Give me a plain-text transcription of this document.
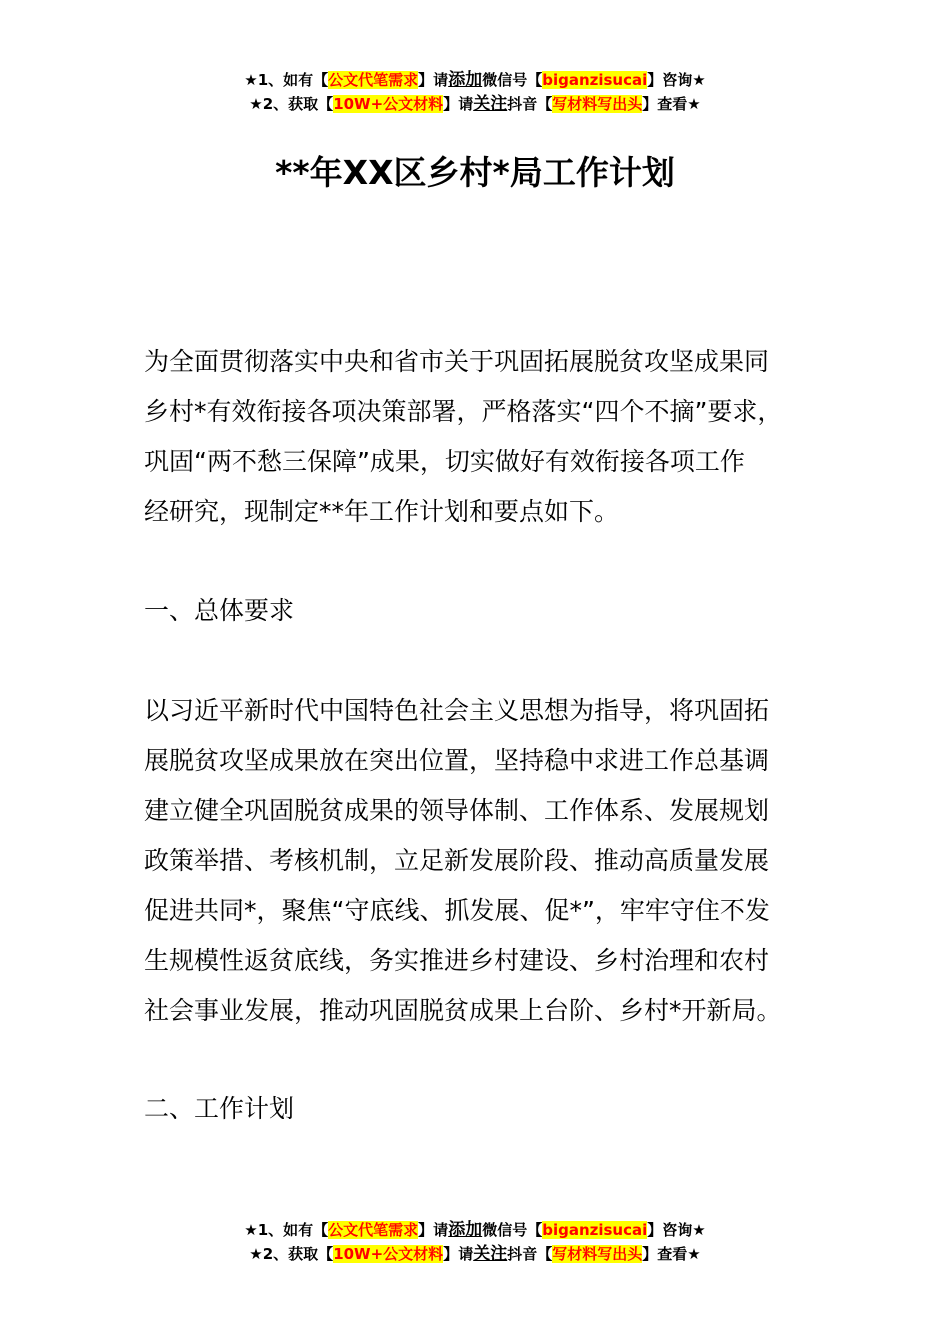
★1、如有【公文代笔需求】请添加微信号【biganzisucai】咨询★
★2、获取【10W+公文材料】请关注抖音【写材料写出头】查看★
**年XX区乡村*局工作计划
为全面贯彻落实中央和省市关于巩固拓展脱贫攻坚成果同
乡村*有效衔接各项决策部署，严格落实“四个不摘”要求，
巩固“两不愁三保障”成果，切实做好有效衔接各项工作
经研究，现制定**年工作计划和要点如下。
一、总体要求
以习近平新时代中国特色社会主义思想为指导，将巩固拓
展脱贫攻坚成果放在突出位置，坚持稳中求进工作总基调
建立健全巩固脱贫成果的领导体制、工作体系、发展规划
政策举措、考核机制，立足新发展阶段、推动高质量发展
促进共同*，聚焦“守底线、抓发展、促*”，牢牢守住不发
生规模性返贫底线，务实推进乡村建设、乡村治理和农村
社会事业发展，推动巩固脱贫成果上台阶、乡村*开新局。
二、工作计划
★1、如有【公文代笔需求】请添加微信号【biganzisucai】咨询★
★2、获取【10W+公文材料】请关注抖音【写材料写出头】查看★
